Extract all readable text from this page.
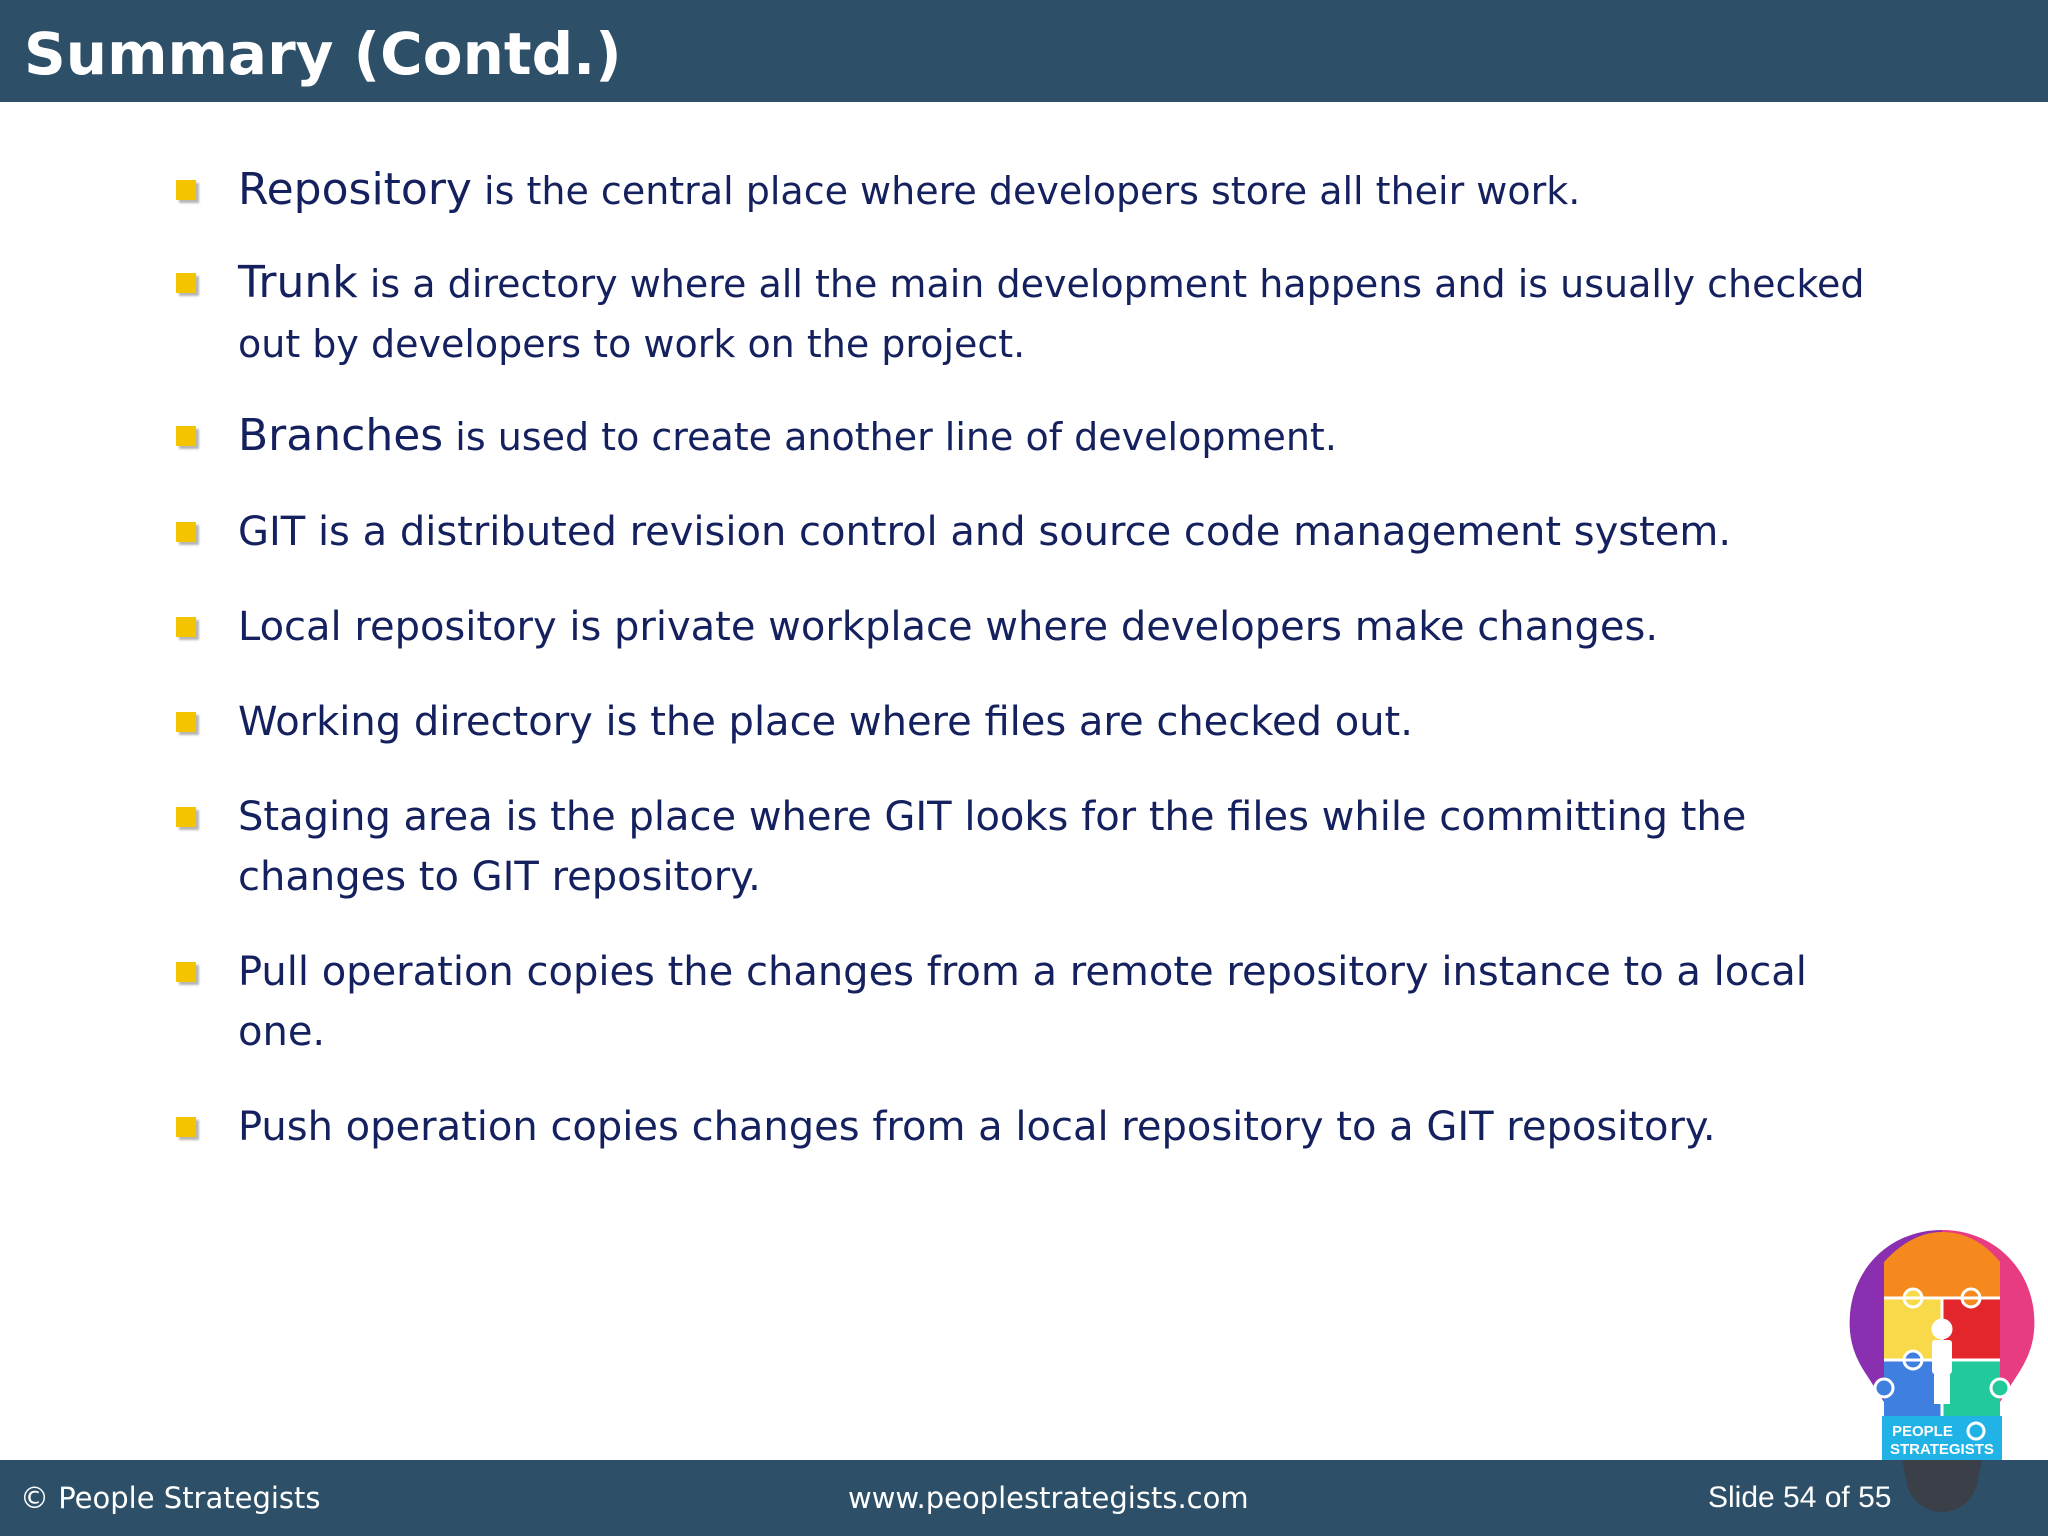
Summary (Contd.)
Repository is the central place where developers store all their work.
Trunk is a directory where all the main development happens and is usually checked out by developers to work on the project.
Branches is used to create another line of development.
GIT is a distributed revision control and source code management system.
Local repository is private workplace where developers make changes.
Working directory is the place where files are checked out.
Staging area is the place where GIT looks for the files while committing the changes to GIT repository.
Pull operation copies the changes from a remote repository instance to a local one.
Push operation copies changes from a local repository to a GIT repository.
© People Strategists	www.peoplestrategists.com	Slide 54 of 55
PEOPLE
STRATEGISTS
